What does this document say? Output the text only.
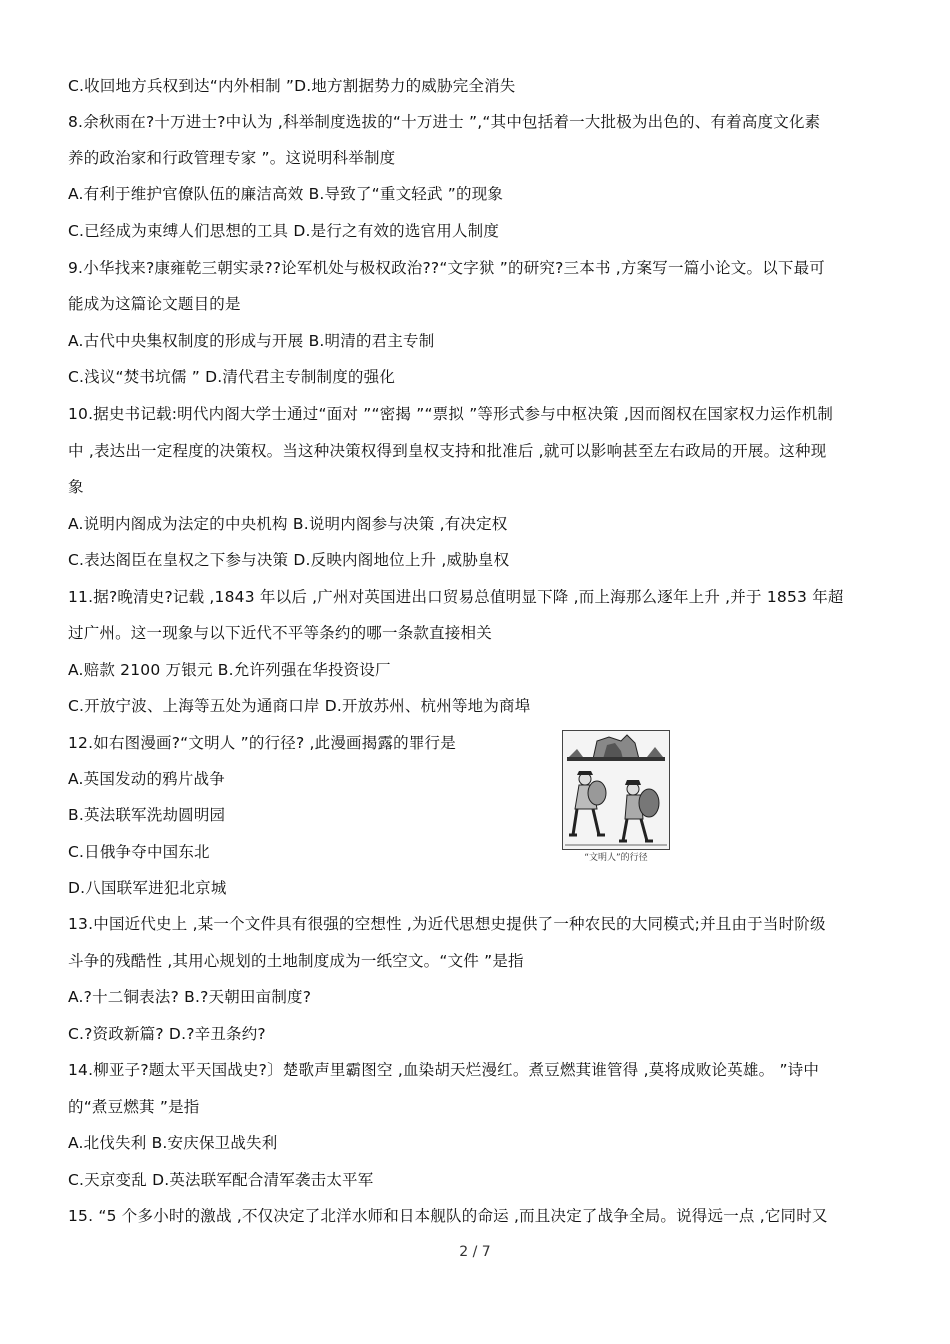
C.收回地方兵权到达“内外相制 ”D.地方割据势力的威胁完全消失
8.余秋雨在?十万进士?中认为 ,科举制度选拔的“十万进士 ”,“其中包括着一大批极为出色的、有着高度文化素
养的政治家和行政管理专家 ”。这说明科举制度
A.有利于维护官僚队伍的廉洁高效 B.导致了“重文轻武 ”的现象
C.已经成为束缚人们思想的工具 D.是行之有效的选官用人制度
9.小华找来?康雍乾三朝实录??论军机处与极权政治??“文字狱 ”的研究?三本书 ,方案写一篇小论文。以下最可
能成为这篇论文题目的是
A.古代中央集权制度的形成与开展 B.明清的君主专制
C.浅议“焚书坑儒 ” D.清代君主专制制度的强化
10.据史书记载:明代内阁大学士通过“面对 ”“密揭 ”“票拟 ”等形式参与中枢决策 ,因而阁权在国家权力运作机制
中 ,表达出一定程度的决策权。当这种决策权得到皇权支持和批准后 ,就可以影响甚至左右政局的开展。这种现
象
A.说明内阁成为法定的中央机构 B.说明内阁参与决策 ,有决定权
C.表达阁臣在皇权之下参与决策 D.反映内阁地位上升 ,威胁皇权
11.据?晚清史?记载 ,1843 年以后 ,广州对英国进出口贸易总值明显下降 ,而上海那么逐年上升 ,并于 1853 年超
过广州。这一现象与以下近代不平等条约的哪一条款直接相关
A.赔款 2100 万银元 B.允许列强在华投资设厂
C.开放宁波、上海等五处为通商口岸 D.开放苏州、杭州等地为商埠
12.如右图漫画?“文明人 ”的行径? ,此漫画揭露的罪行是
A.英国发动的鸦片战争
B.英法联军洗劫圆明园
C.日俄争夺中国东北
D.八国联军进犯北京城
“文明人”的行径
13.中国近代史上 ,某一个文件具有很强的空想性 ,为近代思想史提供了一种农民的大同模式;并且由于当时阶级
斗争的残酷性 ,其用心规划的土地制度成为一纸空文。“文件 ”是指
A.?十二铜表法? B.?天朝田亩制度?
C.?资政新篇? D.?辛丑条约?
14.柳亚子?题太平天国战史?〕楚歌声里霸图空 ,血染胡天烂漫红。煮豆燃萁谁管得 ,莫将成败论英雄。 ”诗中
的“煮豆燃萁 ”是指
A.北伐失利 B.安庆保卫战失利
C.天京变乱 D.英法联军配合清军袭击太平军
15. “5 个多小时的激战 ,不仅决定了北洋水师和日本舰队的命运 ,而且决定了战争全局。说得远一点 ,它同时又
2 / 7
